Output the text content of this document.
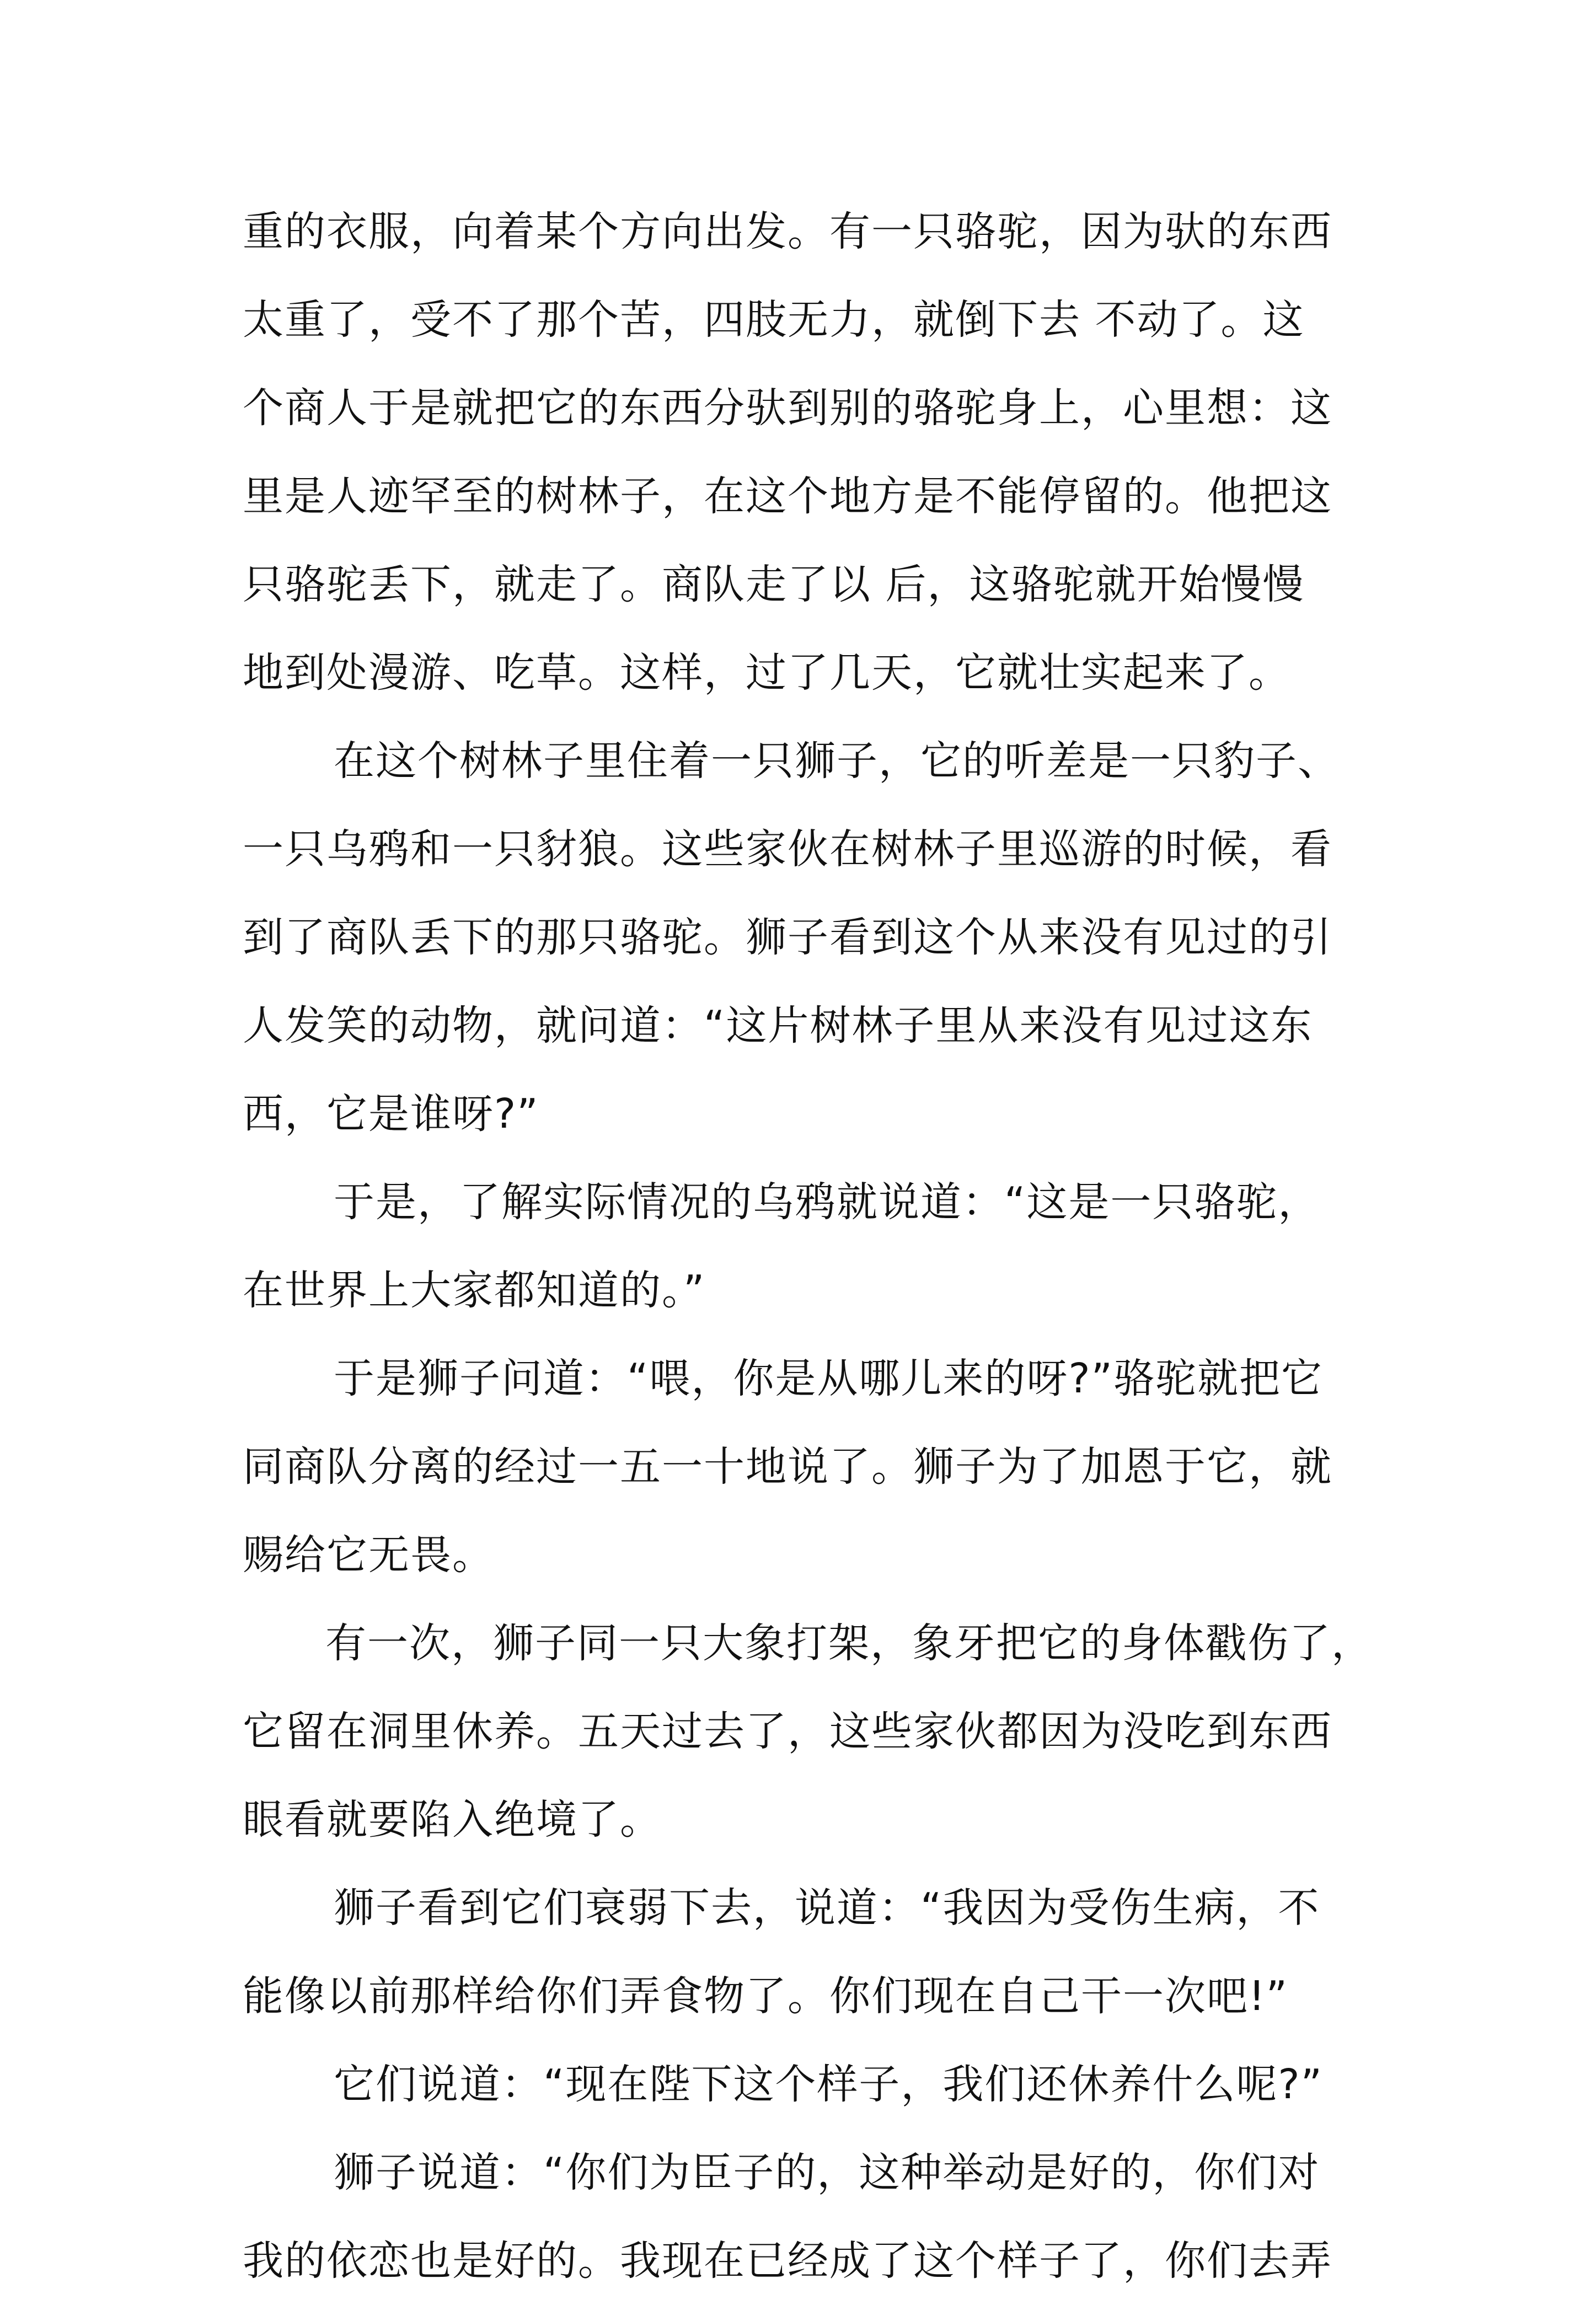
重的衣服，向着某个方向出发。有一只骆驼，因为驮的东西
太重了，受不了那个苦，四肢无力，就倒下去 不动了。这
个商人于是就把它的东西分驮到别的骆驼身上，心里想：这
里是人迹罕至的树林子，在这个地方是不能停留的。他把这
只骆驼丢下，就走了。商队走了以 后，这骆驼就开始慢慢
地到处漫游、吃草。这样，过了几天，它就壮实起来了。
在这个树林子里住着一只狮子，它的听差是一只豹子、
一只乌鸦和一只豺狼。这些家伙在树林子里巡游的时候，看
到了商队丢下的那只骆驼。狮子看到这个从来没有见过的引
人发笑的动物，就问道：“这片树林子里从来没有见过这东
西，它是谁呀?”
于是，了解实际情况的乌鸦就说道：“这是一只骆驼，
在世界上大家都知道的。”
于是狮子问道：“喂，你是从哪儿来的呀?”骆驼就把它
同商队分离的经过一五一十地说了。狮子为了加恩于它，就
赐给它无畏。
有一次，狮子同一只大象打架，象牙把它的身体戳伤了，
它留在洞里休养。五天过去了，这些家伙都因为没吃到东西
眼看就要陷入绝境了。
狮子看到它们衰弱下去，说道：“我因为受伤生病，不
能像以前那样给你们弄食物了。你们现在自己干一次吧!”
它们说道：“现在陛下这个样子，我们还休养什么呢?”
狮子说道：“你们为臣子的，这种举动是好的，你们对
我的依恋也是好的。我现在已经成了这个样子了，你们去弄
